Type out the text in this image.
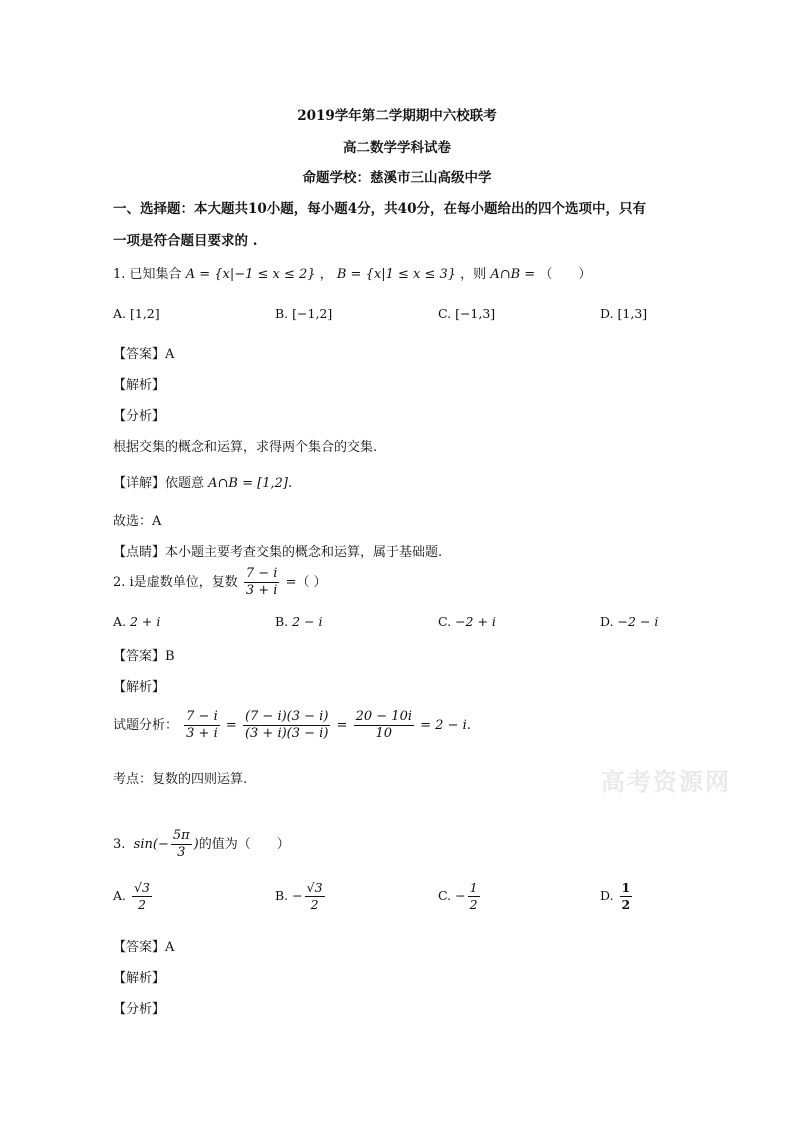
2019学年第二学期期中六校联考
高二数学学科试卷
命题学校：慈溪市三山高级中学
一、选择题：本大题共10小题，每小题4分，共40分，在每小题给出的四个选项中，只有
一项是符合题目要求的 .
1. 已知集合 A = {x|−1 ≤ x ≤ 2} ， B = {x|1 ≤ x ≤ 3} ，则 A∩B = （　　）
A. [1,2]	B. [−1,2]	C. [−1,3]	D. [1,3]
【答案】A
【解析】
【分析】
根据交集的概念和运算，求得两个集合的交集.
【详解】依题意 A∩B = [1,2].
故选：A
【点睛】本小题主要考查交集的概念和运算，属于基础题.
2. i是虚数单位，复数 $\frac{7 - i}{3 + i}$ =（ ）
A. 2 + i	B. 2 − i	C. −2 + i	D. −2 − i
【答案】B
【解析】
试题分析： $\frac{7 - i}{3 + i} = \frac{(7 - i)(3 - i)}{(3 + i)(3 - i)} = \frac{20 - 10i}{10} = 2 - i$.
考点：复数的四则运算.	高考资源网
3. $\sin(- \frac{5\pi}{3}$ )的值为（　　）
A. $\frac{√3}{2}$	B. − $\frac{√3}{2}$	C. − $\frac{1}{2}$	D. $\frac{1}{2}$
【答案】A
【解析】
【分析】
